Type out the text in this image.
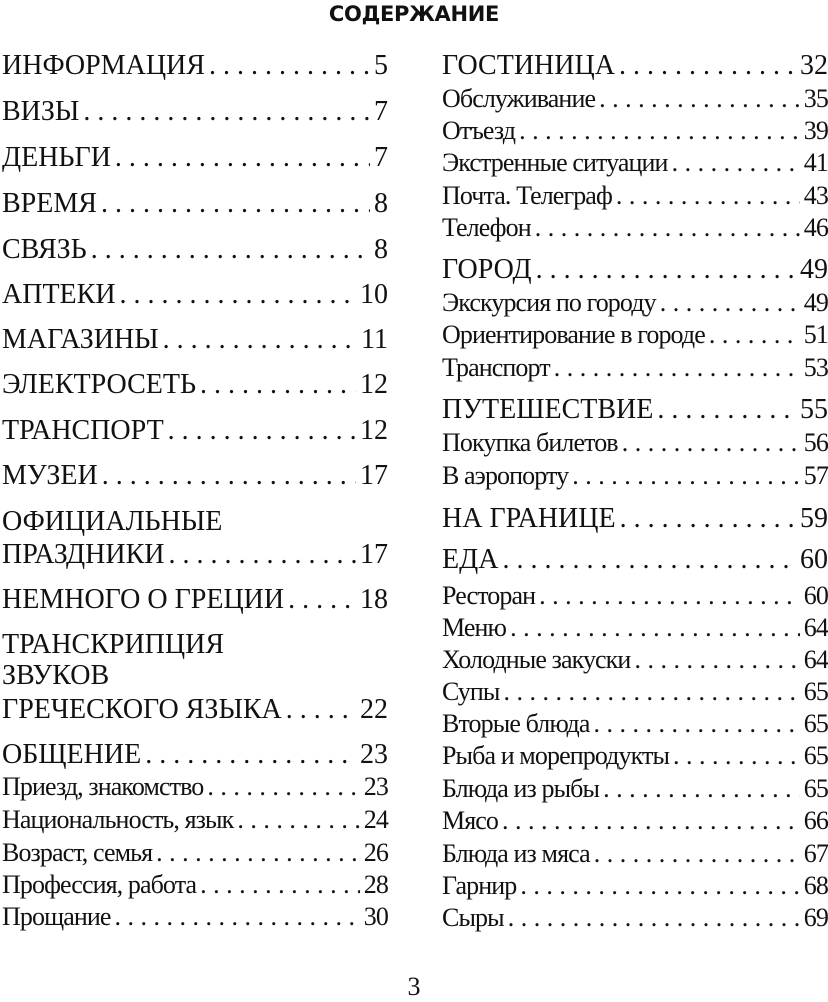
СОДЕРЖАНИЕ
ИНФОРМАЦИЯ . . .	5
ВИЗЫ . . .	7
ДЕНЬГИ . . .	7
ВРЕМЯ . . .	8
СВЯЗЬ . . .	8
АПТЕКИ . . .	10
МАГАЗИНЫ . . .	11
ЭЛЕКТРОСЕТЬ . . .	12
ТРАНСПОРТ . . .	12
МУЗЕИ . . .	17
ОФИЦИАЛЬНЫЕ
ПРАЗДНИКИ . . .	17
НЕМНОГО О ГРЕЦИИ . . .	18
ТРАНСКРИПЦИЯ
ЗВУКОВ
ГРЕЧЕСКОГО ЯЗЫКА . . .	22
ОБЩЕНИЕ . . .	23
Приезд, знакомство . . .	23
Национальность, язык . . .	24
Возраст, семья . . .	26
Профессия, работа . . .	28
Прощание . . .	30
ГОСТИНИЦА . . .	32
Обслуживание . . .	35
Отъезд . . .	39
Экстренные ситуации . . .	41
Почта. Телеграф . . .	43
Телефон . . .	46
ГОРОД . . .	49
Экскурсия по городу . . .	49
Ориентирование в городе . . .	51
Транспорт . . .	53
ПУТЕШЕСТВИЕ . . .	55
Покупка билетов . . .	56
В аэропорту . . .	57
НА ГРАНИЦЕ . . .	59
ЕДА . . .	60
Ресторан . . .	60
Меню . . .	64
Холодные закуски . . .	64
Супы . . .	65
Вторые блюда . . .	65
Рыба и морепродукты . . .	65
Блюда из рыбы . . .	65
Мясо . . .	66
Блюда из мяса . . .	67
Гарнир . . .	68
Сыры . . .	69
3
